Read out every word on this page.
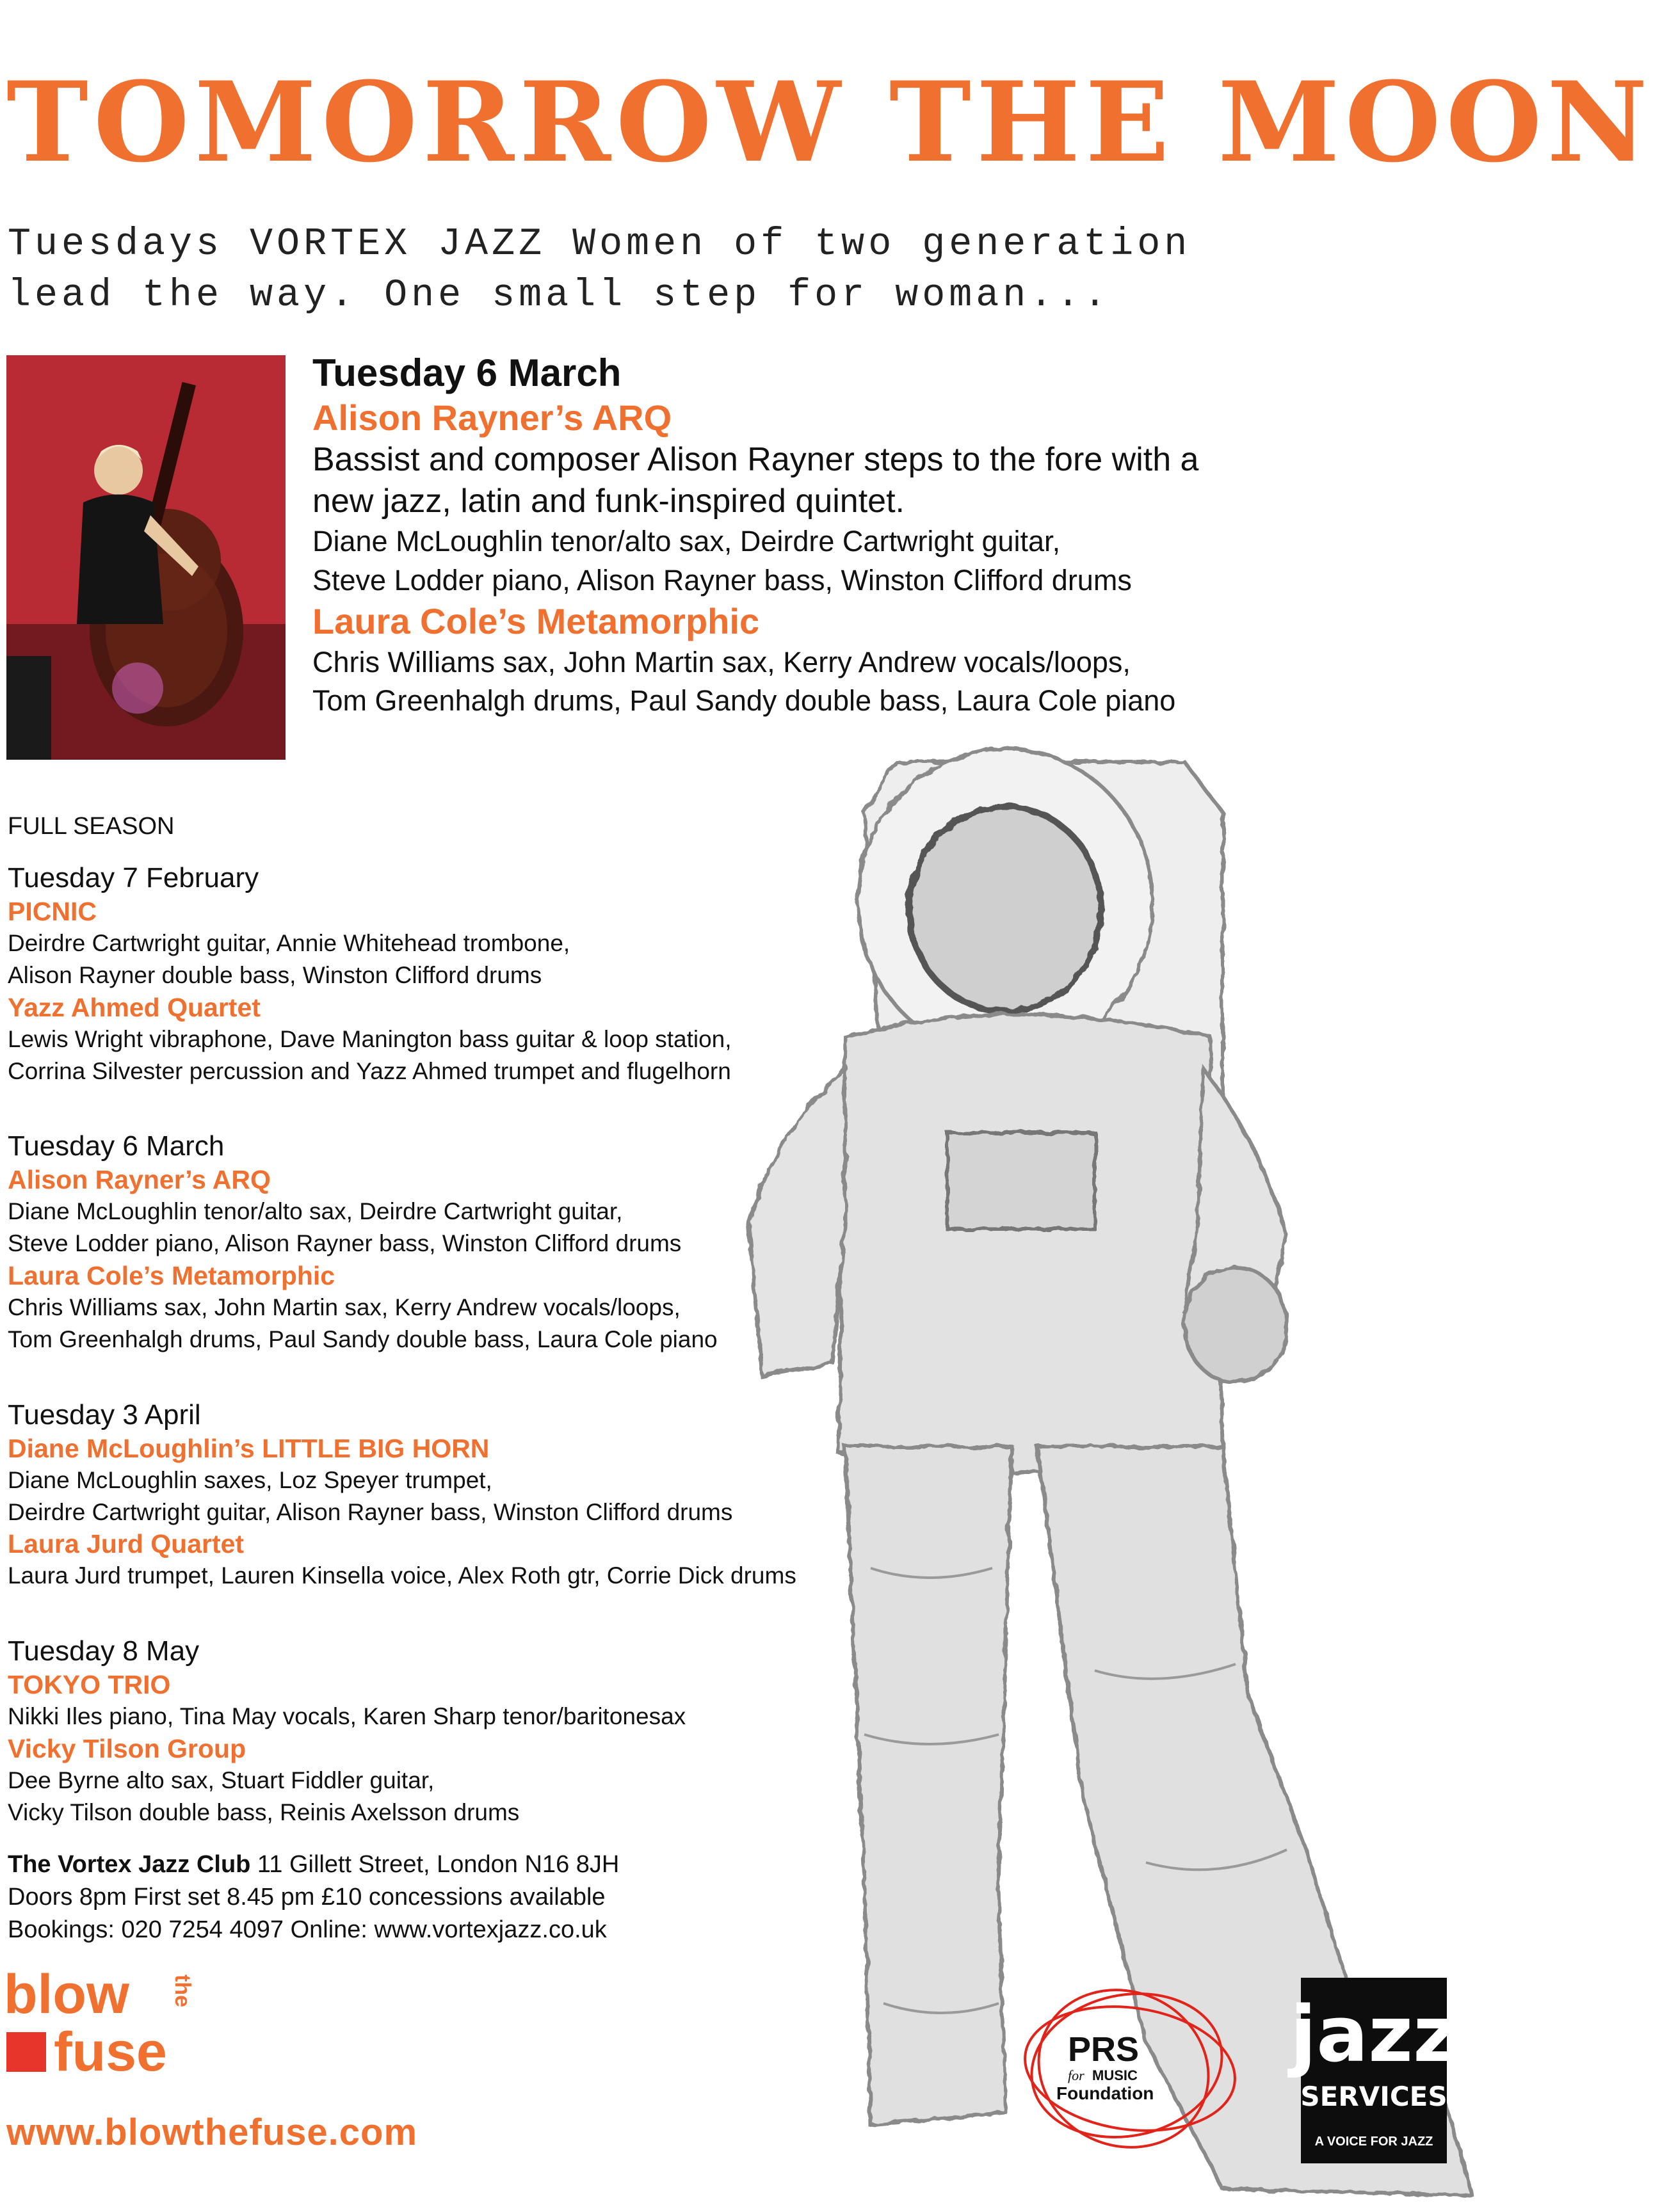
TOMORROW THE MOON
Tuesdays VORTEX JAZZ Women of two generation
lead the way. One small step for woman...
Tuesday 6 March
Alison Rayner’s ARQ
Bassist and composer Alison Rayner steps to the fore with a
new jazz, latin and funk-inspired quintet.
Diane McLoughlin tenor/alto sax, Deirdre Cartwright guitar,
Steve Lodder piano, Alison Rayner bass, Winston Clifford drums
Laura Cole’s Metamorphic
Chris Williams sax, John Martin sax, Kerry Andrew vocals/loops,
Tom Greenhalgh drums, Paul Sandy double bass, Laura Cole piano
FULL SEASON
Tuesday 7 February
PICNIC
Deirdre Cartwright guitar, Annie Whitehead trombone,
Alison Rayner double bass, Winston Clifford drums
Yazz Ahmed Quartet
Lewis Wright vibraphone, Dave Manington bass guitar & loop station,
Corrina Silvester percussion and Yazz Ahmed trumpet and flugelhorn
Tuesday 6 March
Alison Rayner’s ARQ
Diane McLoughlin tenor/alto sax, Deirdre Cartwright guitar,
Steve Lodder piano, Alison Rayner bass, Winston Clifford drums
Laura Cole’s Metamorphic
Chris Williams sax, John Martin sax, Kerry Andrew vocals/loops,
Tom Greenhalgh drums, Paul Sandy double bass, Laura Cole piano
Tuesday 3 April
Diane McLoughlin’s LITTLE BIG HORN
Diane McLoughlin saxes, Loz Speyer trumpet,
Deirdre Cartwright guitar, Alison Rayner bass, Winston Clifford drums
Laura Jurd Quartet
Laura Jurd trumpet, Lauren Kinsella voice, Alex Roth gtr, Corrie Dick drums
Tuesday 8 May
TOKYO TRIO
Nikki Iles piano, Tina May vocals, Karen Sharp tenor/baritonesax
Vicky Tilson Group
Dee Byrne alto sax, Stuart Fiddler guitar,
Vicky Tilson double bass, Reinis Axelsson drums
The Vortex Jazz Club 11 Gillett Street, London N16 8JH
Doors 8pm First set 8.45 pm £10 concessions available
Bookings: 020 7254 4097 Online: www.vortexjazz.co.uk
blow the
fuse
www.blowthefuse.com
PRS
for MUSIC
Foundation
jazz
SERVICES
A VOICE FOR JAZZ
